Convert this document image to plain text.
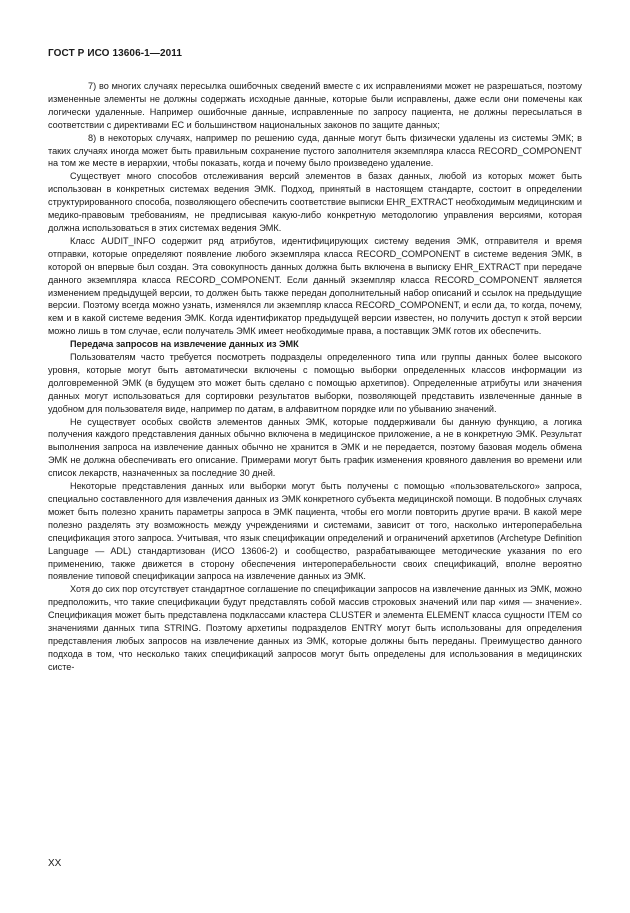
ГОСТ Р ИСО 13606-1—2011

7) во многих случаях пересылка ошибочных сведений вместе с их исправлениями может не разрешаться, поэтому измененные элементы не должны содержать исходные данные, которые были исправлены, даже если они помечены как логически удаленные. Например ошибочные данные, исправленные по запросу пациента, не должны пересылаться в соответствии с директивами ЕС и большинством национальных законов по защите данных;

8) в некоторых случаях, например по решению суда, данные могут быть физически удалены из системы ЭМК; в таких случаях иногда может быть правильным сохранение пустого заполнителя экземпляра класса RECORD_COMPONENT на том же месте в иерархии, чтобы показать, когда и почему было произведено удаление.

Существует много способов отслеживания версий элементов в базах данных, любой из которых может быть использован в конкретных системах ведения ЭМК. Подход, принятый в настоящем стандарте, состоит в определении структурированного способа, позволяющего обеспечить соответствие выписки EHR_EXTRACT необходимым медицинским и медико-правовым требованиям, не предписывая какую-либо конкретную методологию управления версиями, которая должна использоваться в этих системах ведения ЭМК.

Класс AUDIT_INFO содержит ряд атрибутов, идентифицирующих систему ведения ЭМК, отправителя и время отправки, которые определяют появление любого экземпляра класса RECORD_COMPONENT в системе ведения ЭМК, в которой он впервые был создан. Эта совокупность данных должна быть включена в выписку EHR_EXTRACT при передаче данного экземпляра класса RECORD_COMPONENT. Если данный экземпляр класса RECORD_COMPONENT является изменением предыдущей версии, то должен быть также передан дополнительный набор описаний и ссылок на предыдущие версии. Поэтому всегда можно узнать, изменялся ли экземпляр класса RECORD_COMPONENT, и если да, то когда, почему, кем и в какой системе ведения ЭМК. Когда идентификатор предыдущей версии известен, но получить доступ к этой версии можно лишь в том случае, если получатель ЭМК имеет необходимые права, а поставщик ЭМК готов их обеспечить.

Передача запросов на извлечение данных из ЭМК

Пользователям часто требуется посмотреть подразделы определенного типа или группы данных более высокого уровня, которые могут быть автоматически включены с помощью выборки определенных классов информации из долговременной ЭМК (в будущем это может быть сделано с помощью архетипов). Определенные атрибуты или значения данных могут использоваться для сортировки результатов выборки, позволяющей представить извлеченные данные в удобном для пользователя виде, например по датам, в алфавитном порядке или по убыванию значений.

Не существует особых свойств элементов данных ЭМК, которые поддерживали бы данную функцию, а логика получения каждого представления данных обычно включена в медицинское приложение, а не в конкретную ЭМК. Результат выполнения запроса на извлечение данных обычно не хранится в ЭМК и не передается, поэтому базовая модель обмена ЭМК не должна обеспечивать его описание. Примерами могут быть график изменения кровяного давления во времени или список лекарств, назначенных за последние 30 дней.

Некоторые представления данных или выборки могут быть получены с помощью «пользовательского» запроса, специально составленного для извлечения данных из ЭМК конкретного субъекта медицинской помощи. В подобных случаях может быть полезно хранить параметры запроса в ЭМК пациента, чтобы его могли повторить другие врачи. В какой мере полезно разделять эту возможность между учреждениями и системами, зависит от того, насколько интероперабельна спецификация этого запроса. Учитывая, что язык спецификации определений и ограничений архетипов (Archetype Definition Language — ADL) стандартизован (ИСО 13606-2) и сообщество, разрабатывающее методические указания по его применению, также движется в сторону обеспечения интероперабельности своих спецификаций, вполне вероятно появление типовой спецификации запроса на извлечение данных из ЭМК.

Хотя до сих пор отсутствует стандартное соглашение по спецификации запросов на извлечение данных из ЭМК, можно предположить, что такие спецификации будут представлять собой массив строковых значений или пар «имя — значение». Спецификация может быть представлена подклассами кластера CLUSTER и элемента ELEMENT класса сущности ITEM со значениями данных типа STRING. Поэтому архетипы подразделов ENTRY могут быть использованы для определения представления любых запросов на извлечение данных из ЭМК, которые должны быть переданы. Преимущество данного подхода в том, что несколько таких спецификаций запросов могут быть определены для использования в медицинских систе-

XX
